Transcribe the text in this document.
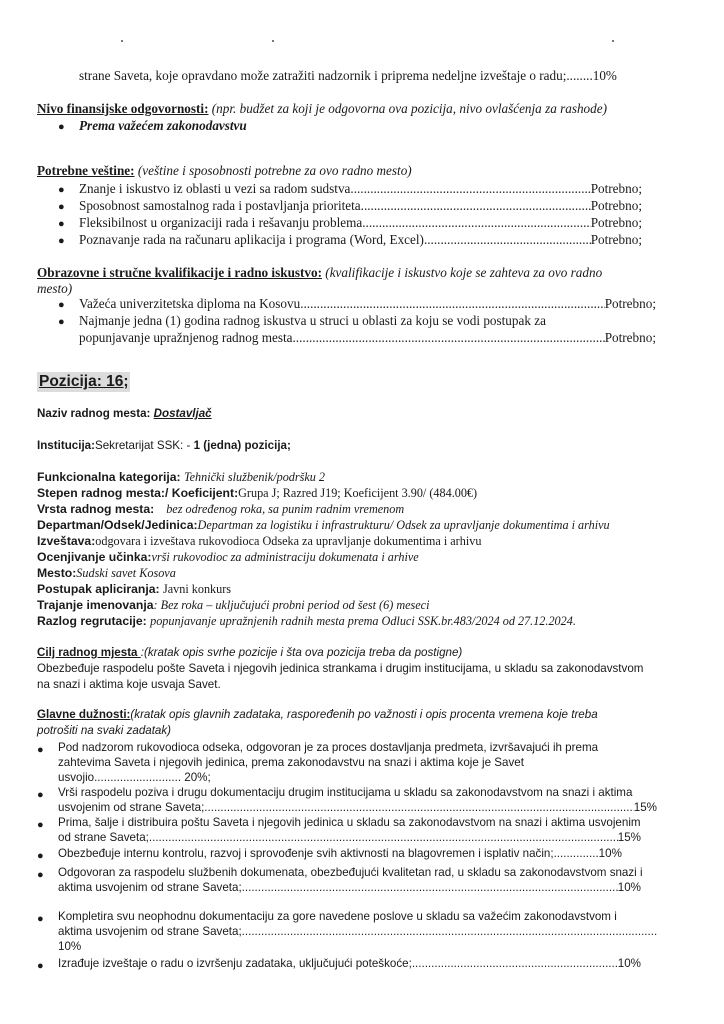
strane Saveta, koje opravdano može zatražiti nadzornik i priprema nedeljne izveštaje o radu;........10%
Nivo finansijske odgovornosti: (npr. budžet za koji je odgovorna ova pozicija, nivo ovlašćenja za rashode)
● Prema važećem zakonodavstvu
Potrebne veštine: (veštine i sposobnosti potrebne za ovo radno mesto)
● Znanje i iskustvo iz oblasti u vezi sa radom sudstva .....	Potrebno;
● Sposobnost samostalnog rada i postavljanja prioriteta .....	Potrebno;
● Fleksibilnost u organizaciji rada i rešavanju problema .....	Potrebno;
● Poznavanje rada na računaru aplikacija i programa (Word, Excel) .....	Potrebno;
Obrazovne i stručne kvalifikacije i radno iskustvo: (kvalifikacije i iskustvo koje se zahteva za ovo radno
mesto)
● Važeća univerzitetska diploma na Kosovu .....	Potrebno;
● Najmanje jedna (1) godina radnog iskustva u struci u oblasti za koju se vodi postupak za
popunjavanje upražnjenog radnog mesta .....	Potrebno;
Pozicija: 16;
Naziv radnog mesta: Dostavljač
Institucija:Sekretarijat SSK: - 1 (jedna) pozicija;
Funkcionalna kategorija: Tehnički službenik/podršku 2
Stepen radnog mesta:/ Koeficijent:Grupa J; Razred J19; Koeficijent 3.90/ (484.00€)
Vrsta radnog mesta: bez određenog roka, sa punim radnim vremenom
Departman/Odsek/Jedinica:Departman za logistiku i infrastrukturu/ Odsek za upravljanje dokumentima i arhivu
Izveštava:odgovara i izveštava rukovodioca Odseka za upravljanje dokumentima i arhivu
Ocenjivanje učinka:vrši rukovodioc za administraciju dokumenata i arhive
Mesto:Sudski savet Kosova
Postupak apliciranja: Javni konkurs
Trajanje imenovanja: Bez roka – uključujući probni period od šest (6) meseci
Razlog regrutacije: popunjavanje upražnjenih radnih mesta prema Odluci SSK.br.483/2024 od 27.12.2024.
Cilj radnog mjesta :(kratak opis svrhe pozicije i šta ova pozicija treba da postigne)
Obezbeđuje raspodelu pošte Saveta i njegovih jedinica strankama i drugim institucijama, u skladu sa zakonodavstvom
na snazi i aktima koje usvaja Savet.
Glavne dužnosti:(kratak opis glavnih zadataka, raspoređenih po važnosti i opis procenta vremena koje treba
potrošiti na svaki zadatak)
● Pod nadzorom rukovodioca odseka, odgovoran je za proces dostavljanja predmeta, izvršavajući ih prema
zahtevima Saveta i njegovih jedinica, prema zakonodavstvu na snazi i aktima koje je Savet
usvojio........................... 20%;
● Vrši raspodelu poziva i drugu dokumentaciju drugim institucijama u skladu sa zakonodavstvom na snazi i aktima
usvojenim od strane Saveta; .....	15%
● Prima, šalje i distribuira poštu Saveta i njegovih jedinica u skladu sa zakonodavstvom na snazi i aktima usvojenim
od strane Saveta; .....	15%
● Obezbeđuje internu kontrolu, razvoj i sprovođenje svih aktivnosti na blagovremen i isplativ način;..............10%
● Odgovoran za raspodelu službenih dokumenata, obezbeđujući kvalitetan rad, u skladu sa zakonodavstvom snazi i
aktima usvojenim od strane Saveta; .....	10%
● Kompletira svu neophodnu dokumentaciju za gore navedene poslove u skladu sa važećim zakonodavstvom i
aktima usvojenim od strane Saveta;
.....
10%
● Izrađuje izveštaje o radu o izvršenju zadataka, uključujući poteškoće; .....	10%
